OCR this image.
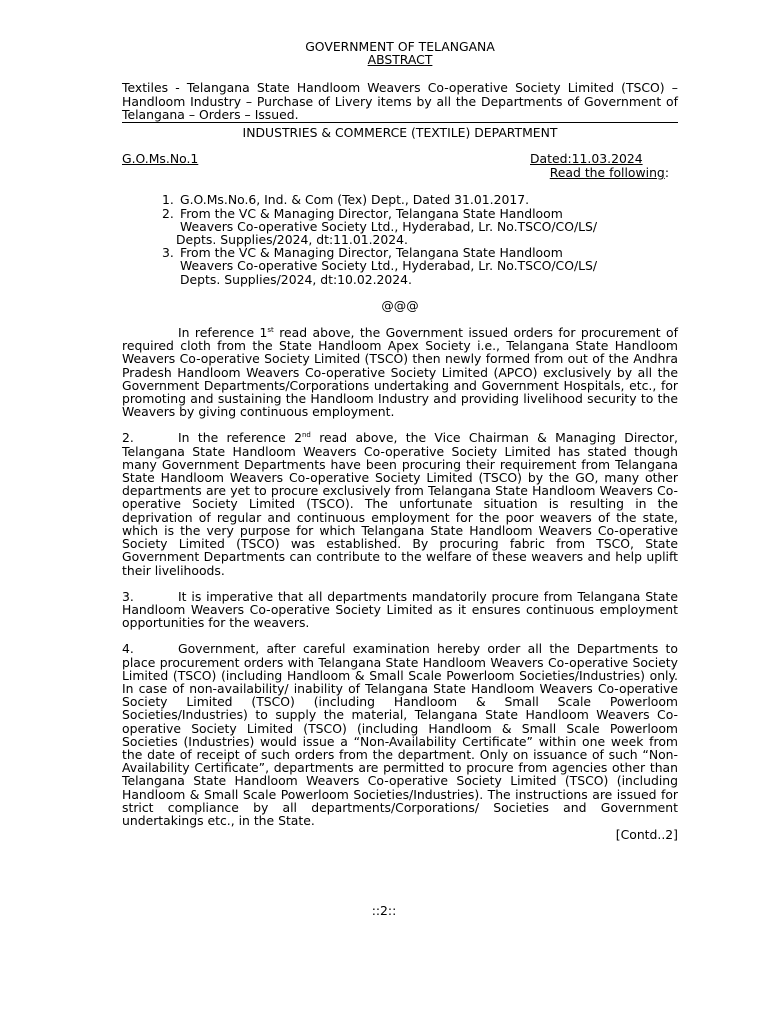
GOVERNMENT OF TELANGANA
ABSTRACT
Textiles - Telangana State Handloom Weavers Co-operative Society Limited (TSCO) – Handloom Industry – Purchase of Livery items by all the Departments of Government of Telangana – Orders – Issued.
INDUSTRIES & COMMERCE (TEXTILE) DEPARTMENT
G.O.Ms.No.1	Dated:11.03.2024
Read the following:
1. G.O.Ms.No.6, Ind. & Com (Tex) Dept., Dated 31.01.2017.
2. From the VC & Managing Director, Telangana State Handloom
Weavers Co-operative Society Ltd., Hyderabad, Lr. No.TSCO/CO/LS/
Depts. Supplies/2024, dt:11.01.2024.
3. From the VC & Managing Director, Telangana State Handloom
Weavers Co-operative Society Ltd., Hyderabad, Lr. No.TSCO/CO/LS/
Depts. Supplies/2024, dt:10.02.2024.
@@@

In reference 1st read above, the Government issued orders for procurement of required cloth from the State Handloom Apex Society i.e., Telangana State Handloom Weavers Co-operative Society Limited (TSCO) then newly formed from out of the Andhra Pradesh Handloom Weavers Co-operative Society Limited (APCO) exclusively by all the Government Departments/Corporations undertaking and Government Hospitals, etc., for promoting and sustaining the Handloom Industry and providing livelihood security to the Weavers by giving continuous employment.

2.	In the reference 2nd read above, the Vice Chairman & Managing Director, Telangana State Handloom Weavers Co-operative Society Limited has stated though many Government Departments have been procuring their requirement from Telangana State Handloom Weavers Co-operative Society Limited (TSCO) by the GO, many other departments are yet to procure exclusively from Telangana State Handloom Weavers Co-operative Society Limited (TSCO). The unfortunate situation is resulting in the deprivation of regular and continuous employment for the poor weavers of the state, which is the very purpose for which Telangana State Handloom Weavers Co-operative Society Limited (TSCO) was established. By procuring fabric from TSCO, State Government Departments can contribute to the welfare of these weavers and help uplift their livelihoods.

3.	It is imperative that all departments mandatorily procure from Telangana State Handloom Weavers Co-operative Society Limited as it ensures continuous employment opportunities for the weavers.

4.	Government, after careful examination hereby order all the Departments to place procurement orders with Telangana State Handloom Weavers Co-operative Society Limited (TSCO) (including Handloom & Small Scale Powerloom Societies/Industries) only. In case of non-availability/ inability of Telangana State Handloom Weavers Co-operative Society Limited (TSCO) (including Handloom & Small Scale Powerloom Societies/Industries) to supply the material, Telangana State Handloom Weavers Co-operative Society Limited (TSCO) (including Handloom & Small Scale Powerloom Societies (Industries) would issue a “Non-Availability Certificate” within one week from the date of receipt of such orders from the department. Only on issuance of such “Non-Availability Certificate”, departments are permitted to procure from agencies other than Telangana State Handloom Weavers Co-operative Society Limited (TSCO) (including Handloom & Small Scale Powerloom Societies/Industries). The instructions are issued for strict compliance by all departments/Corporations/ Societies and Government undertakings etc., in the State.

[Contd..2]
::2::
